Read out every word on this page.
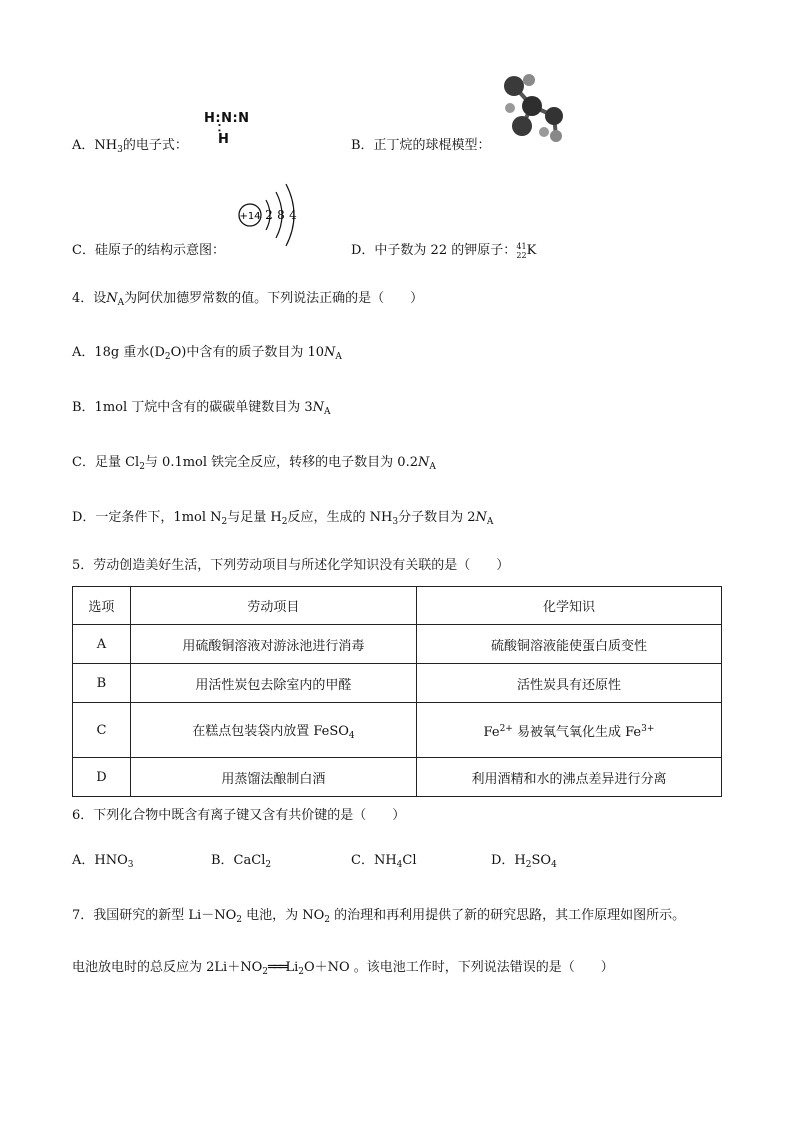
A．$NH_3$的电子式：
H:N:N
⠅
H	B．正丁烷的球棍模型：
C．硅原子的结构示意图：
+14 2 8 4
D．中子数为 22 的钾原子： 41
22 K
4．设$N_A$为阿伏加德罗常数的值。下列说法正确的是（　　）
A．18g 重水$(D_2O)$中含有的质子数目为 $10N_A$
B．1mol 丁烷中含有的碳碳单键数目为 $3N_A$
C．足量 $Cl_2$与 0.1mol 铁完全反应，转移的电子数目为 $0.2N_A$
D．一定条件下，1mol $N_2$与足量 $H_2$反应，生成的 $NH_3$分子数目为 $2N_A$
5．劳动创造美好生活，下列劳动项目与所述化学知识没有关联的是（　　）
选项	劳动项目	化学知识
A	用硫酸铜溶液对游泳池进行消毒	硫酸铜溶液能使蛋白质变性
B	用活性炭包去除室内的甲醛	活性炭具有还原性
C	在糕点包装袋内放置 FeSO$_4$	$Fe^{2+}$ 易被氧气氧化生成 $Fe^{3+}$
D	用蒸馏法酿制白酒	利用酒精和水的沸点差异进行分离
6．下列化合物中既含有离子键又含有共价键的是（　　）
A．$HNO_3$	B．CaCl$_2$	C．$NH_4Cl$	D．$H_2SO_4$
7．我国研究的新型 $Li-NO_2$ 电池，为 $NO_2$ 的治理和再利用提供了新的研究思路，其工作原理如图所示。
电池放电时的总反应为 $2Li+NO_2═══Li_2O+NO$ 。该电池工作时，下列说法错误的是（　　）
